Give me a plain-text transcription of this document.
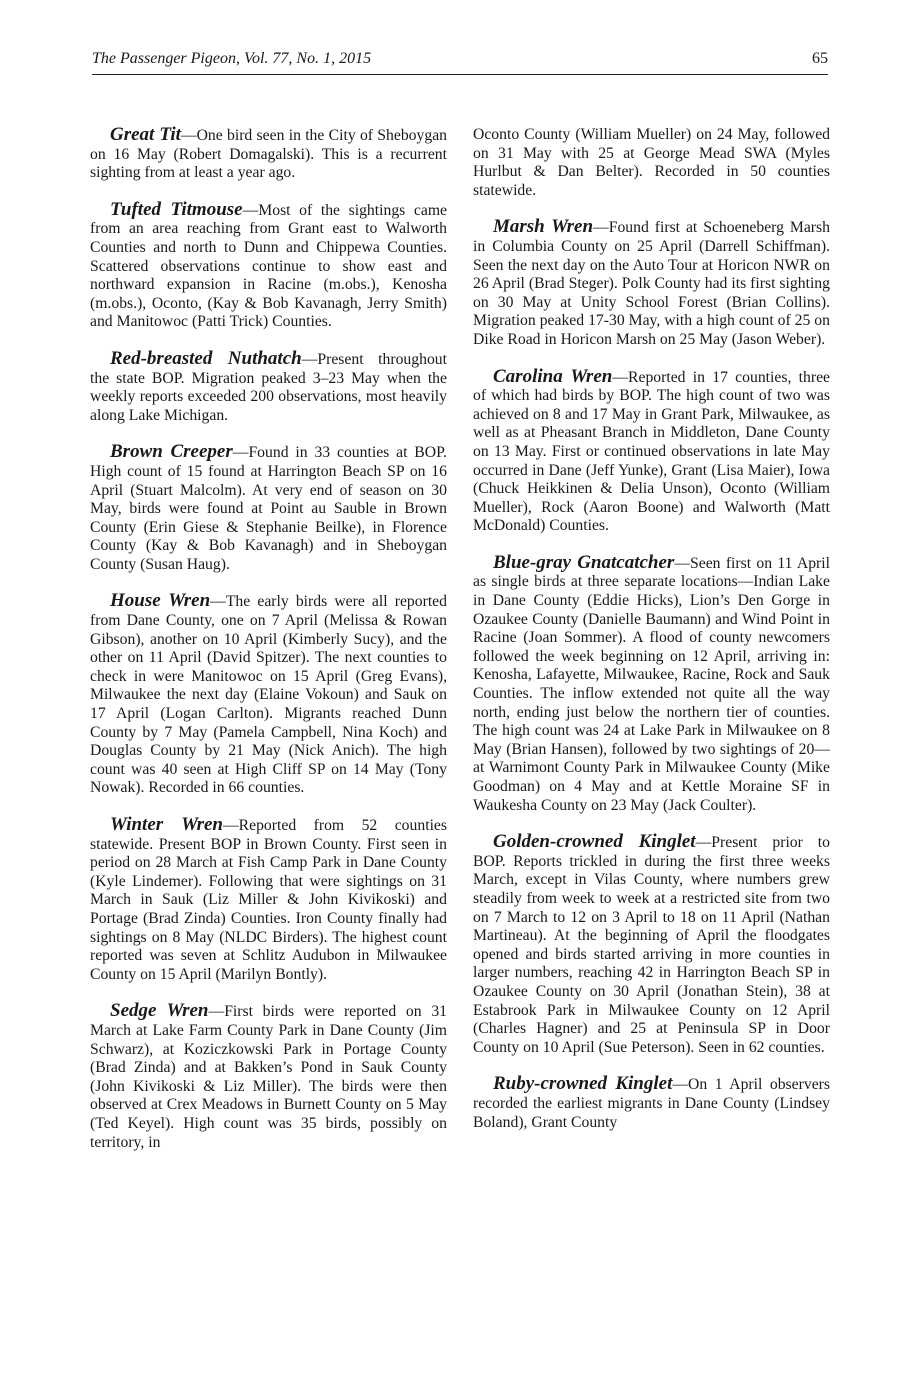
The Passenger Pigeon, Vol. 77, No. 1, 2015	65

Great Tit—One bird seen in the City of Sheboygan on 16 May (Robert Domagalski). This is a recurrent sighting from at least a year ago.

Tufted Titmouse—Most of the sightings came from an area reaching from Grant east to Walworth Counties and north to Dunn and Chippewa Counties. Scattered observations continue to show east and northward expansion in Racine (m.obs.), Kenosha (m.obs.), Oconto, (Kay & Bob Kavanagh, Jerry Smith) and Manitowoc (Patti Trick) Counties.

Red-breasted Nuthatch—Present throughout the state BOP. Migration peaked 3–23 May when the weekly reports exceeded 200 observations, most heavily along Lake Michigan.

Brown Creeper—Found in 33 counties at BOP. High count of 15 found at Harrington Beach SP on 16 April (Stuart Malcolm). At very end of season on 30 May, birds were found at Point au Sauble in Brown County (Erin Giese & Stephanie Beilke), in Florence County (Kay & Bob Kavanagh) and in Sheboygan County (Susan Haug).

House Wren—The early birds were all reported from Dane County, one on 7 April (Melissa & Rowan Gibson), another on 10 April (Kimberly Sucy), and the other on 11 April (David Spitzer). The next counties to check in were Manitowoc on 15 April (Greg Evans), Milwaukee the next day (Elaine Vokoun) and Sauk on 17 April (Logan Carlton). Migrants reached Dunn County by 7 May (Pamela Campbell, Nina Koch) and Douglas County by 21 May (Nick Anich). The high count was 40 seen at High Cliff SP on 14 May (Tony Nowak). Recorded in 66 counties.

Winter Wren—Reported from 52 counties statewide. Present BOP in Brown County. First seen in period on 28 March at Fish Camp Park in Dane County (Kyle Lindemer). Following that were sightings on 31 March in Sauk (Liz Miller & John Kivikoski) and Portage (Brad Zinda) Counties. Iron County finally had sightings on 8 May (NLDC Birders). The highest count reported was seven at Schlitz Audubon in Milwaukee County on 15 April (Marilyn Bontly).

Sedge Wren—First birds were reported on 31 March at Lake Farm County Park in Dane County (Jim Schwarz), at Koziczkowski Park in Portage County (Brad Zinda) and at Bakken’s Pond in Sauk County (John Kivikoski & Liz Miller). The birds were then observed at Crex Meadows in Burnett County on 5 May (Ted Keyel). High count was 35 birds, possibly on territory, in

Oconto County (William Mueller) on 24 May, followed on 31 May with 25 at George Mead SWA (Myles Hurlbut & Dan Belter). Recorded in 50 counties statewide.

Marsh Wren—Found first at Schoeneberg Marsh in Columbia County on 25 April (Darrell Schiffman). Seen the next day on the Auto Tour at Horicon NWR on 26 April (Brad Steger). Polk County had its first sighting on 30 May at Unity School Forest (Brian Collins). Migration peaked 17-30 May, with a high count of 25 on Dike Road in Horicon Marsh on 25 May (Jason Weber).

Carolina Wren—Reported in 17 counties, three of which had birds by BOP. The high count of two was achieved on 8 and 17 May in Grant Park, Milwaukee, as well as at Pheasant Branch in Middleton, Dane County on 13 May. First or continued observations in late May occurred in Dane (Jeff Yunke), Grant (Lisa Maier), Iowa (Chuck Heikkinen & Delia Unson), Oconto (William Mueller), Rock (Aaron Boone) and Walworth (Matt McDonald) Counties.

Blue-gray Gnatcatcher—Seen first on 11 April as single birds at three separate locations—Indian Lake in Dane County (Eddie Hicks), Lion’s Den Gorge in Ozaukee County (Danielle Baumann) and Wind Point in Racine (Joan Sommer). A flood of county newcomers followed the week beginning on 12 April, arriving in: Kenosha, Lafayette, Milwaukee, Racine, Rock and Sauk Counties. The inflow extended not quite all the way north, ending just below the northern tier of counties. The high count was 24 at Lake Park in Milwaukee on 8 May (Brian Hansen), followed by two sightings of 20—at Warnimont County Park in Milwaukee County (Mike Goodman) on 4 May and at Kettle Moraine SF in Waukesha County on 23 May (Jack Coulter).

Golden-crowned Kinglet—Present prior to BOP. Reports trickled in during the first three weeks March, except in Vilas County, where numbers grew steadily from week to week at a restricted site from two on 7 March to 12 on 3 April to 18 on 11 April (Nathan Martineau). At the beginning of April the floodgates opened and birds started arriving in more counties in larger numbers, reaching 42 in Harrington Beach SP in Ozaukee County on 30 April (Jonathan Stein), 38 at Estabrook Park in Milwaukee County on 12 April (Charles Hagner) and 25 at Peninsula SP in Door County on 10 April (Sue Peterson). Seen in 62 counties.

Ruby-crowned Kinglet—On 1 April observers recorded the earliest migrants in Dane County (Lindsey Boland), Grant County
